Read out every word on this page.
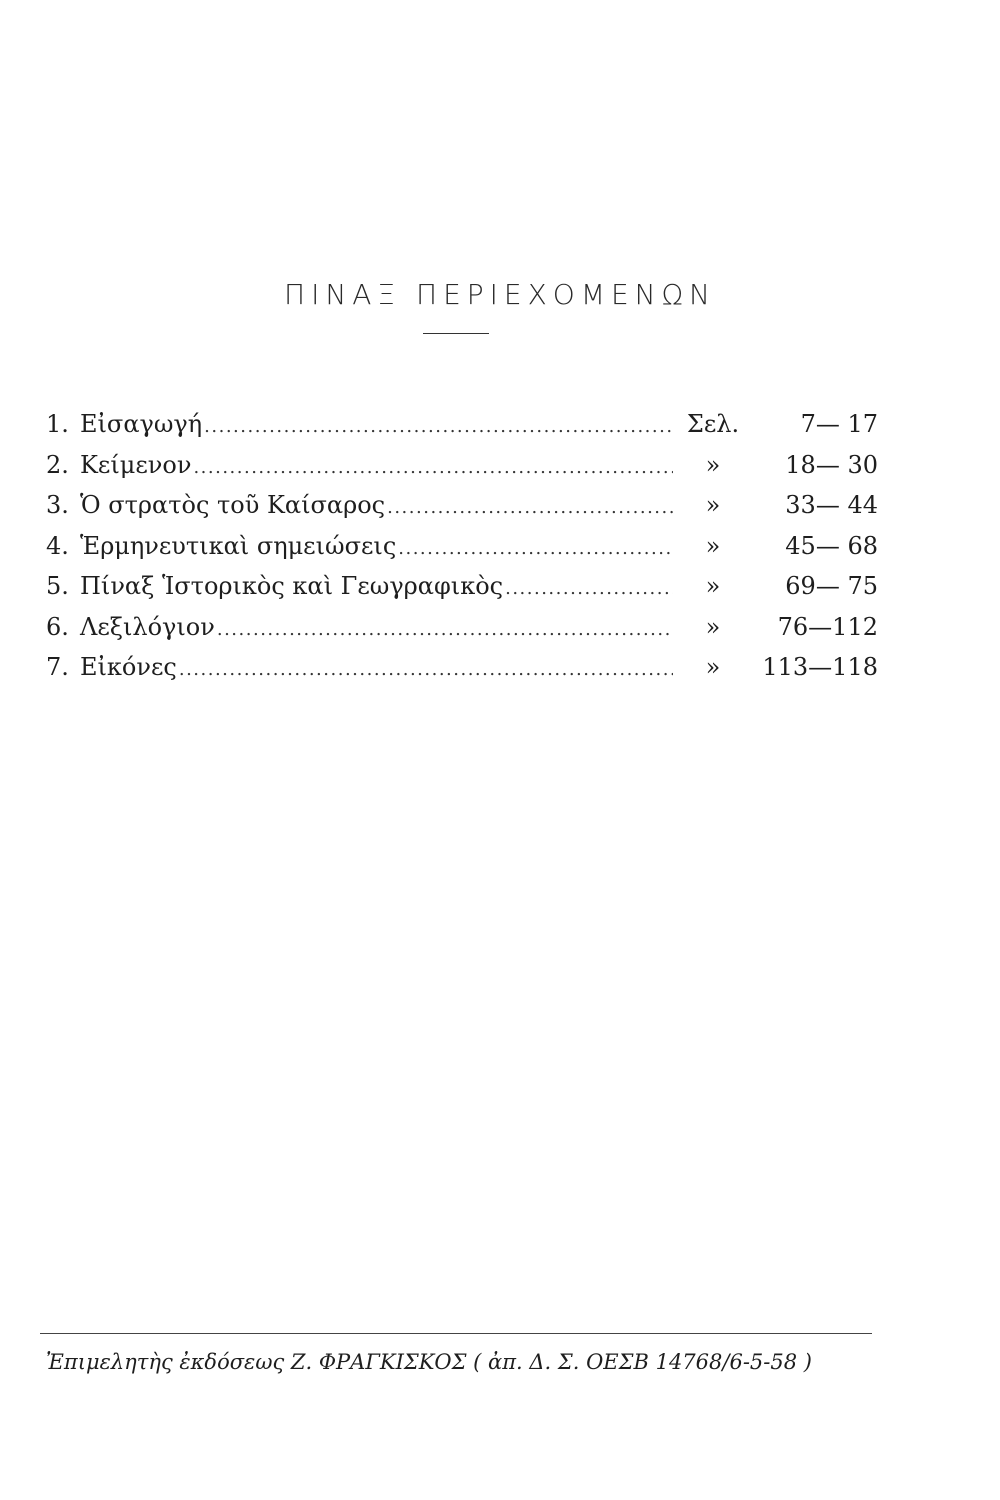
ΠΙΝΑΞ ΠΕΡΙΕΧΟΜΕΝΩΝ
1. Εἰσαγωγή .....	Σελ.	7— 17
2. Κείμενον .....	»	18— 30
3. Ὁ στρατὸς τοῦ Καίσαρος .....	»	33— 44
4. Ἑρμηνευτικαὶ σημειώσεις .....	»	45— 68
5. Πίναξ Ἱστορικὸς καὶ Γεωγραφικὸς .....	»	69— 75
6. Λεξιλόγιον .....	»	76—112
7. Εἰκόνες .....	»	113—118
Ἐπιμελητὴς ἐκδόσεως Ζ. ΦΡΑΓΚΙΣΚΟΣ ( ἀπ. Δ. Σ. ΟΕΣΒ 14768/6-5-58 )
